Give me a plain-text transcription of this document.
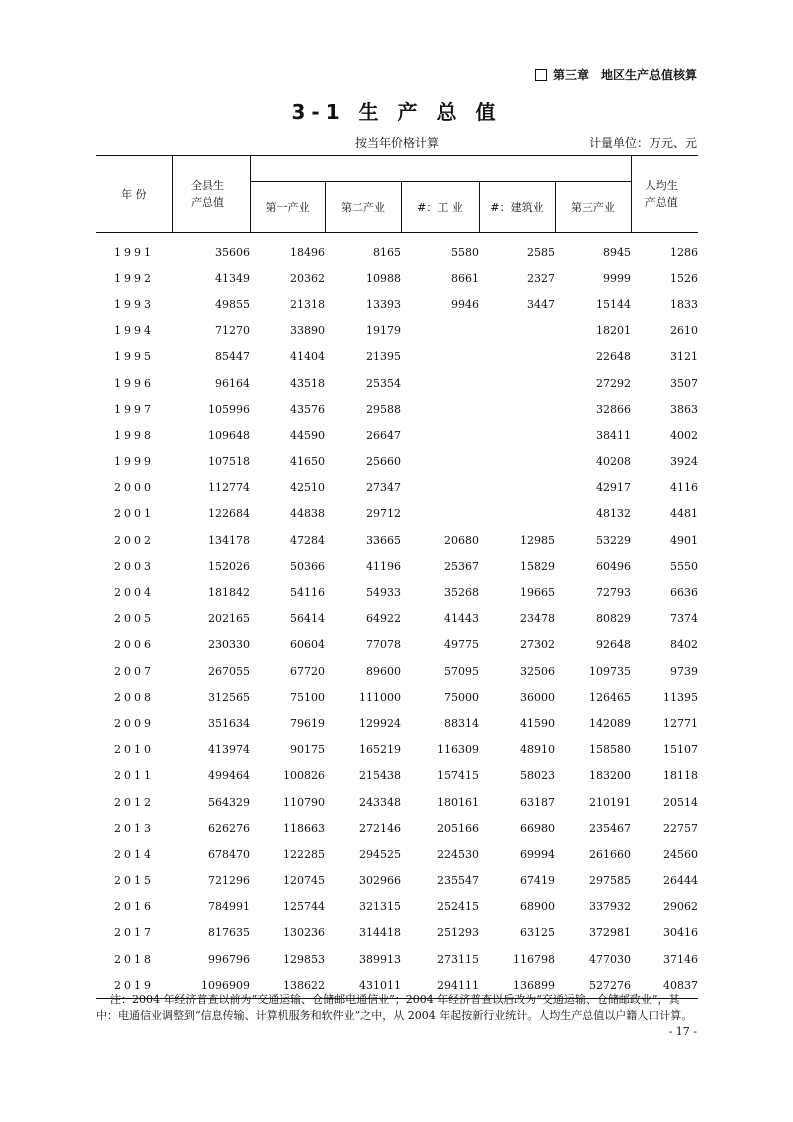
第三章　地区生产总值核算
3-1 生 产 总 值
按当年价格计算	计量单位：万元、元
年 份	全县生产总值						人均生产总值

		第一产业	第二产业	#：工 业	#：建筑业	第三产业	

1991	35606	18496	8165	5580	2585	8945	1286
1992	41349	20362	10988	8661	2327	9999	1526
1993	49855	21318	13393	9946	3447	15144	1833
1994	71270	33890	19179			18201	2610
1995	85447	41404	21395			22648	3121
1996	96164	43518	25354			27292	3507
1997	105996	43576	29588			32866	3863
1998	109648	44590	26647			38411	4002
1999	107518	41650	25660			40208	3924
2000	112774	42510	27347			42917	4116
2001	122684	44838	29712			48132	4481
2002	134178	47284	33665	20680	12985	53229	4901
2003	152026	50366	41196	25367	15829	60496	5550
2004	181842	54116	54933	35268	19665	72793	6636
2005	202165	56414	64922	41443	23478	80829	7374
2006	230330	60604	77078	49775	27302	92648	8402
2007	267055	67720	89600	57095	32506	109735	9739
2008	312565	75100	111000	75000	36000	126465	11395
2009	351634	79619	129924	88314	41590	142089	12771
2010	413974	90175	165219	116309	48910	158580	15107
2011	499464	100826	215438	157415	58023	183200	18118
2012	564329	110790	243348	180161	63187	210191	20514
2013	626276	118663	272146	205166	66980	235467	22757
2014	678470	122285	294525	224530	69994	261660	24560
2015	721296	120745	302966	235547	67419	297585	26444
2016	784991	125744	321315	252415	68900	337932	29062
2017	817635	130236	314418	251293	63125	372981	30416
2018	996796	129853	389913	273115	116798	477030	37146
2019	1096909	138622	431011	294111	136899	527276	40837
注：2004 年经济普查以前为“交通运输、仓储邮电通信业”；2004 年经济普查以后改为“交通运输、仓储邮政业”，其中：电通信业调整到“信息传输、计算机服务和软件业”之中，从 2004 年起按新行业统计。人均生产总值以户籍人口计算。
- 17 -
